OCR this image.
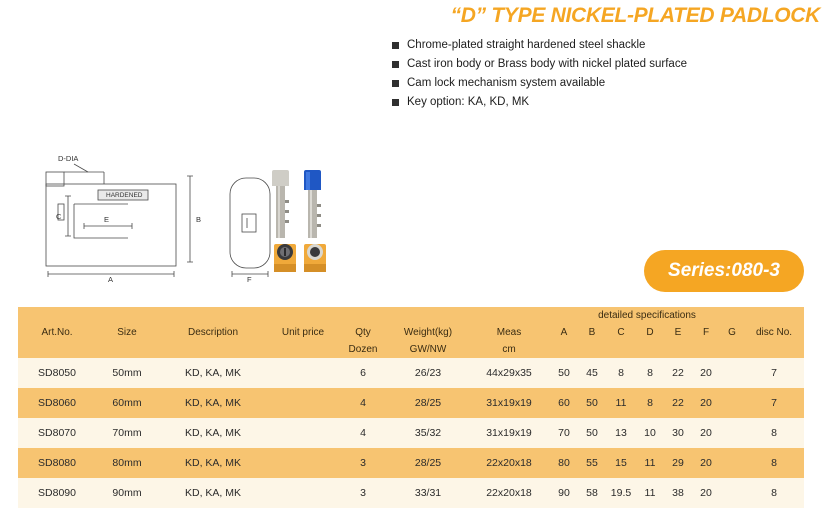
“D” TYPE NICKEL-PLATED PADLOCK
Chrome-plated straight hardened steel shackle
Cast iron body or Brass body with nickel plated surface
Cam lock mechanism system available
Key option: KA, KD, MK
D-DIA
HARDENED
C	E	B
A	F	Series:080-3
							detailed specifications							
Art.No.	Size	Description	Unit price	Qty	Weight(kg)	Meas	A	B	C	D	E	F	G	disc No.
				Dozen	GW/NW	cm								
SD8050	50mm	KD, KA, MK		6	26/23	44x29x35	50	45	8	8	22	20		7
SD8060	60mm	KD, KA, MK		4	28/25	31x19x19	60	50	11	8	22	20		7
SD8070	70mm	KD, KA, MK		4	35/32	31x19x19	70	50	13	10	30	20		8
SD8080	80mm	KD, KA, MK		3	28/25	22x20x18	80	55	15	11	29	20		8
SD8090	90mm	KD, KA, MK		3	33/31	22x20x18	90	58	19.5	11	38	20		8
